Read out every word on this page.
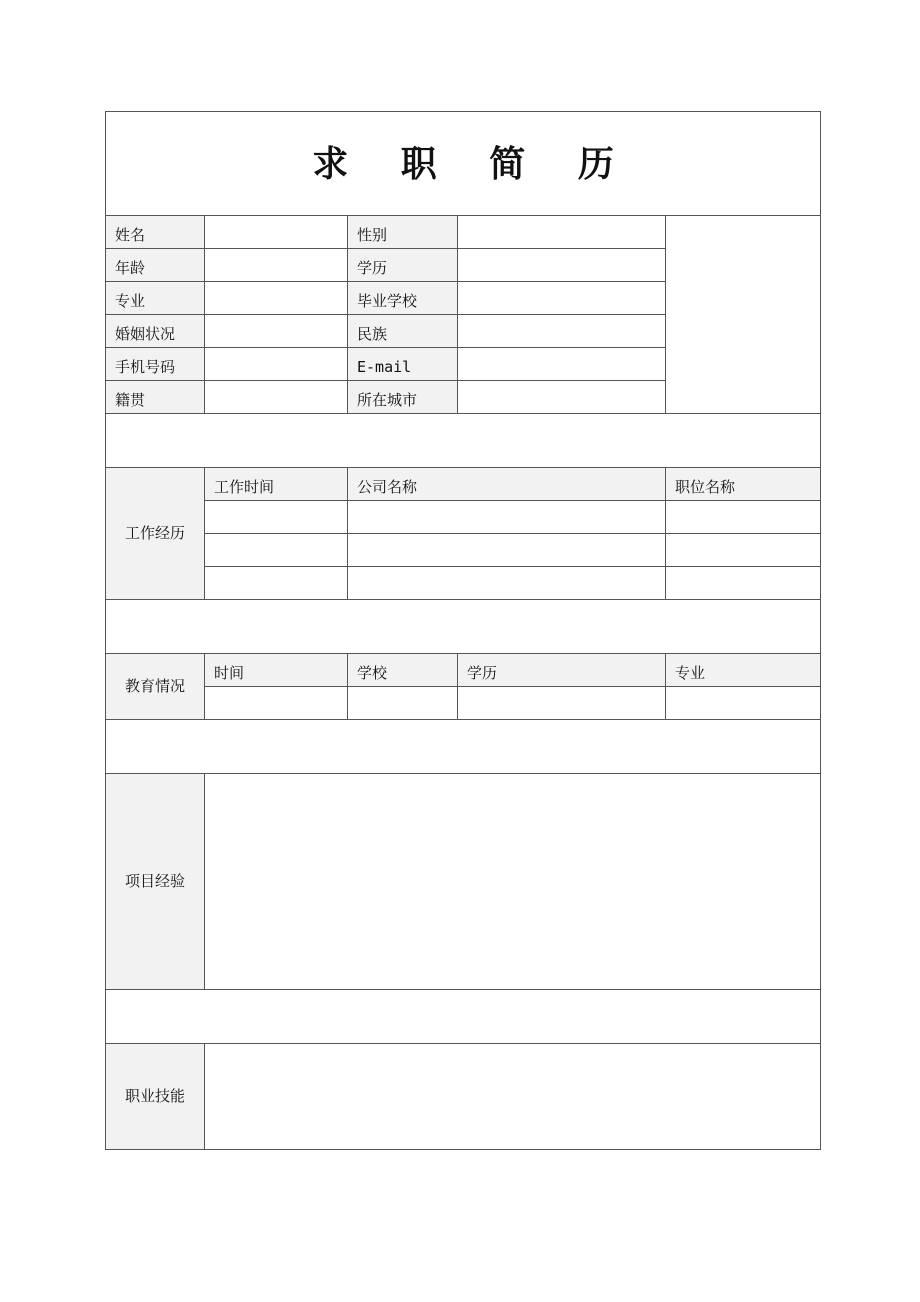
求 职 简 历				
姓名		性别		
年龄		学历		
专业		毕业学校		
婚姻状况		民族		
手机号码		E-mail		
籍贯		所在城市		

工作经历	工作时间	公司名称		职位名称

教育情况	时间	学校	学历	专业

项目经验				

职业技能				
